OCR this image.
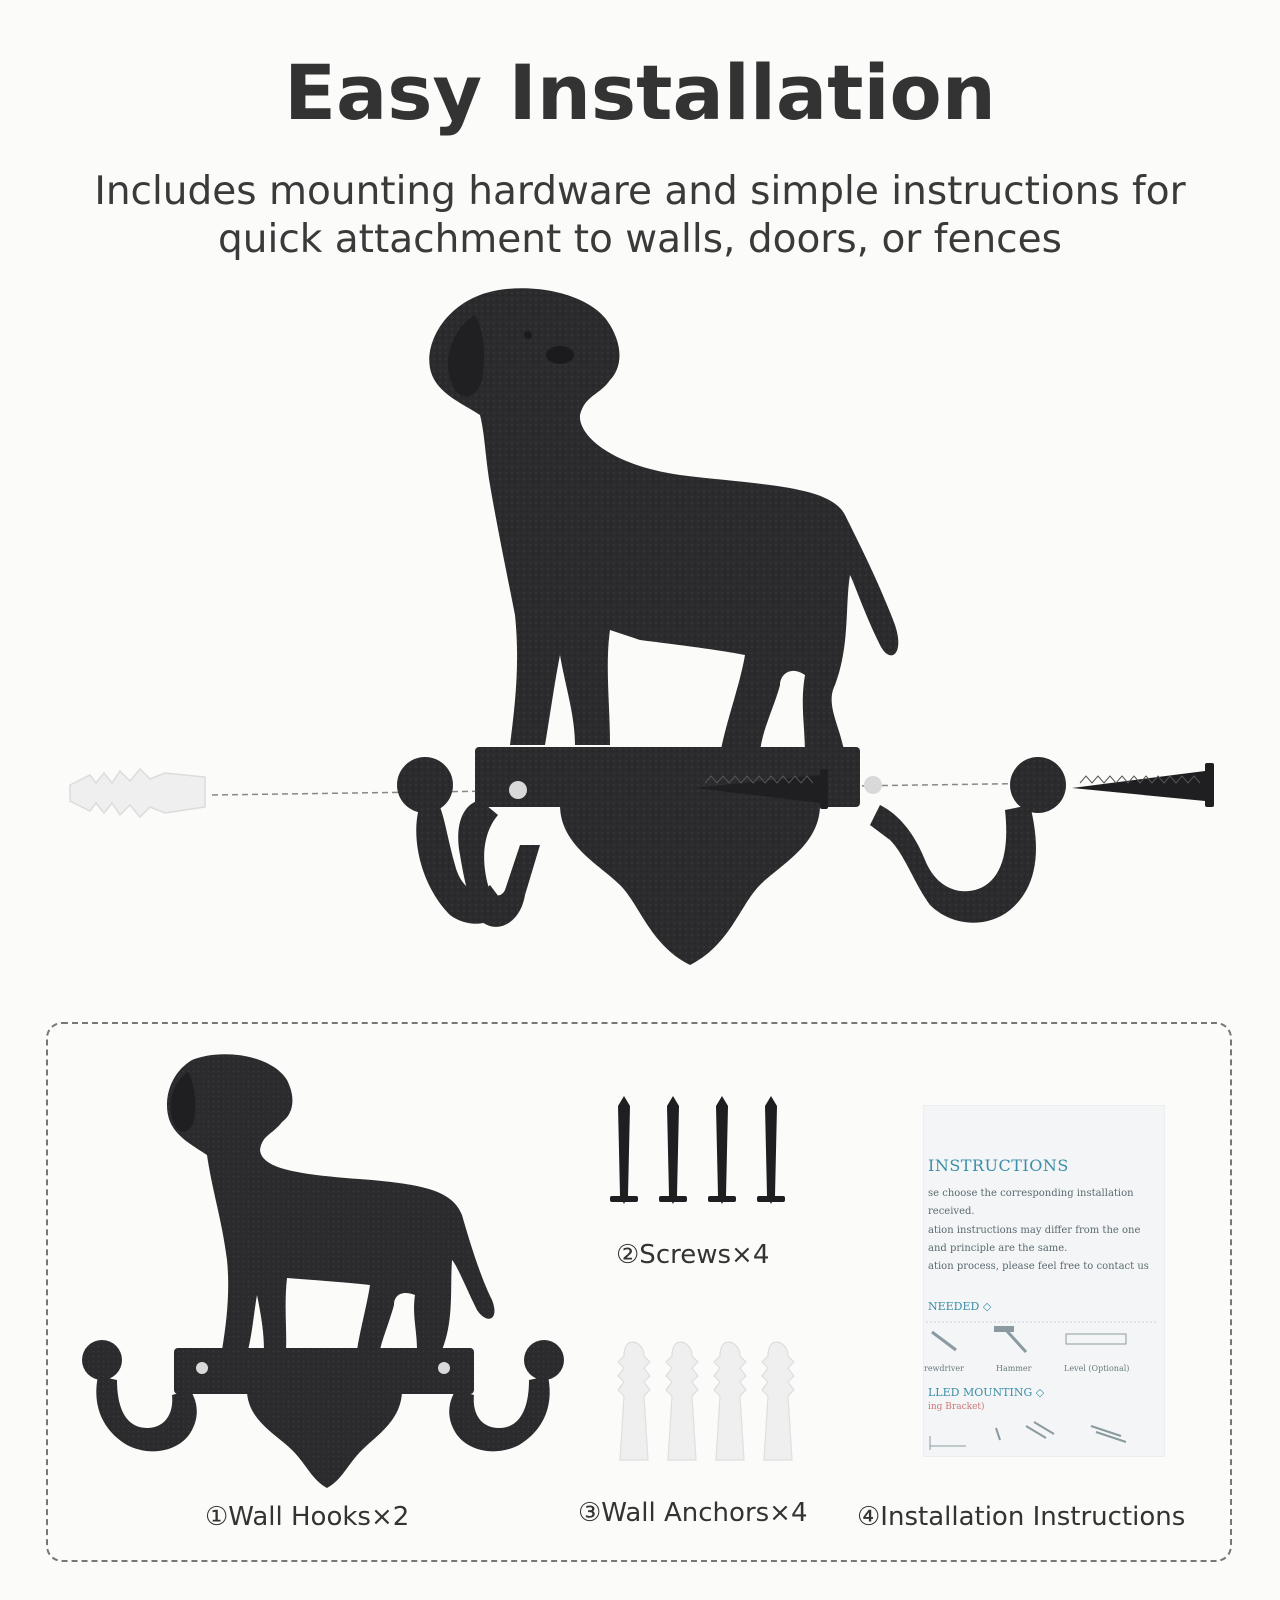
Easy Installation
Includes mounting hardware and simple instructions for
quick attachment to walls, doors, or fences
①Wall Hooks×2
②Screws×4
③Wall Anchors×4
INSTRUCTIONS
se choose the corresponding installation
received.
ation instructions may differ from the one
and principle are the same.
ation process, please feel free to contact us
NEEDED ◇
rewdriver	Hammer	Level (Optional)
LLED MOUNTING ◇
ing Bracket)
④Installation Instructions
